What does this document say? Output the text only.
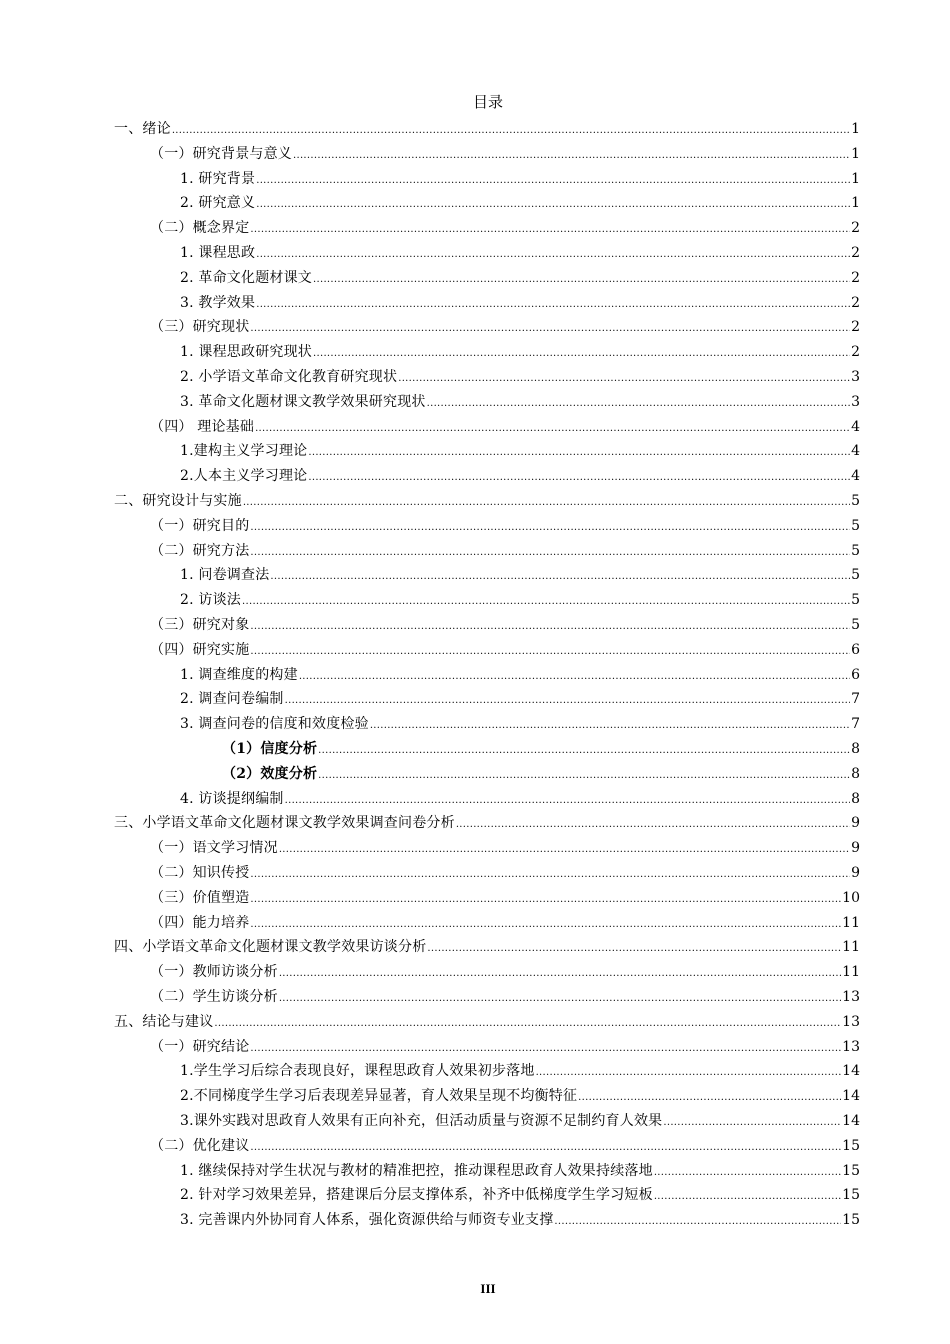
目录
一、绪论 .....	1
（一）研究背景与意义 .....	1
1. 研究背景 .....	1
2. 研究意义 .....	1
（二）概念界定 .....	2
1. 课程思政 .....	2
2. 革命文化题材课文 .....	2
3. 教学效果 .....	2
（三）研究现状 .....	2
1. 课程思政研究现状 .....	2
2. 小学语文革命文化教育研究现状 .....	3
3. 革命文化题材课文教学效果研究现状 .....	3
（四） 理论基础 .....	4
1.建构主义学习理论 .....	4
2.人本主义学习理论 .....	4
二、研究设计与实施 .....	5
（一）研究目的 .....	5
（二）研究方法 .....	5
1. 问卷调查法 .....	5
2. 访谈法 .....	5
（三）研究对象 .....	5
（四）研究实施 .....	6
1. 调查维度的构建 .....	6
2. 调查问卷编制 .....	7
3. 调查问卷的信度和效度检验 .....	7
（1）信度分析 .....	8
（2）效度分析 .....	8
4. 访谈提纲编制 .....	8
三、小学语文革命文化题材课文教学效果调查问卷分析 .....	9
（一）语文学习情况 .....	9
（二）知识传授 .....	9
（三）价值塑造 .....	10
（四）能力培养 .....	11
四、小学语文革命文化题材课文教学效果访谈分析 .....	11
（一）教师访谈分析 .....	11
（二）学生访谈分析 .....	13
五、结论与建议 .....	13
（一）研究结论 .....	13
1.学生学习后综合表现良好，课程思政育人效果初步落地 .....	14
2.不同梯度学生学习后表现差异显著，育人效果呈现不均衡特征 .....	14
3.课外实践对思政育人效果有正向补充，但活动质量与资源不足制约育人效果 .....	14
（二）优化建议 .....	15
1. 继续保持对学生状况与教材的精准把控，推动课程思政育人效果持续落地 .....	15
2. 针对学习效果差异，搭建课后分层支撑体系，补齐中低梯度学生学习短板 .....	15
3. 完善课内外协同育人体系，强化资源供给与师资专业支撑 .....	15
III
